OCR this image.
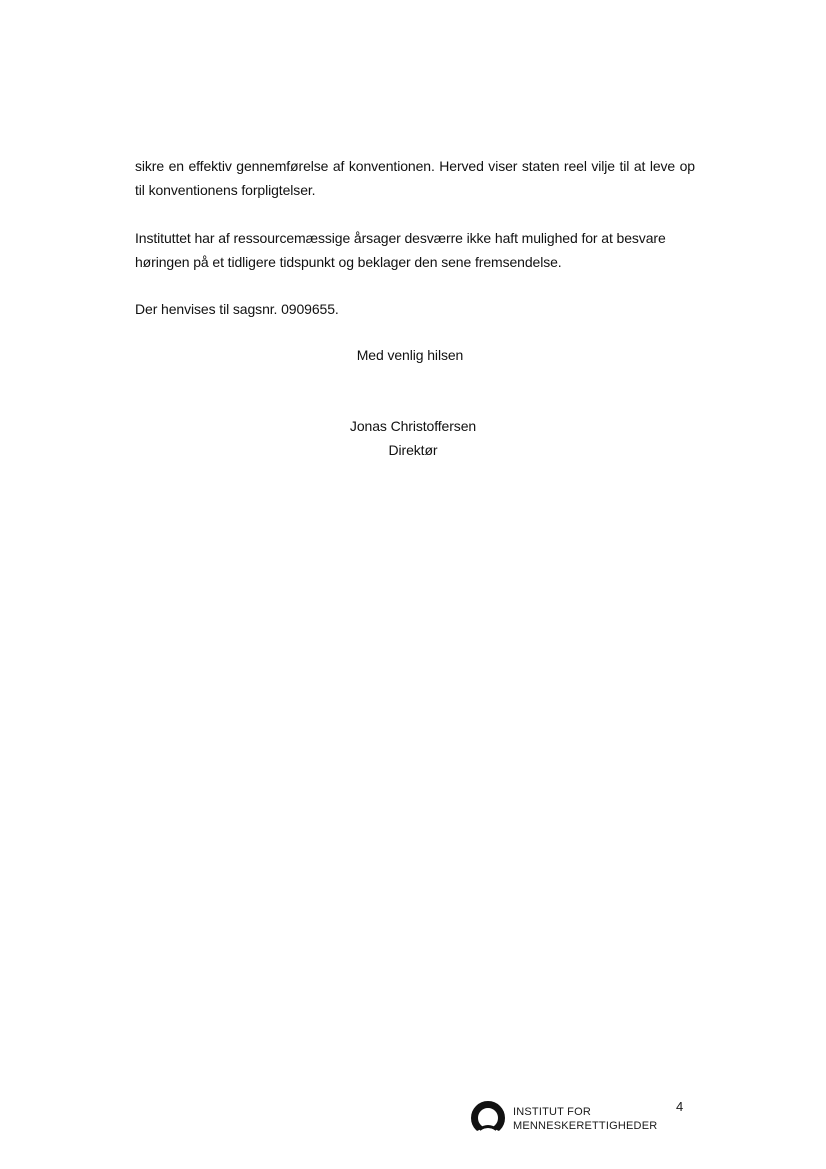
sikre en effektiv gennemførelse af konventionen. Herved viser staten reel vilje til at leve op til konventionens forpligtelser.
Instituttet har af ressourcemæssige årsager desværre ikke haft mulighed for at besvare høringen på et tidligere tidspunkt og beklager den sene fremsendelse.
Der henvises til sagsnr. 0909655.
Med venlig hilsen
Jonas Christoffersen
Direktør
INSTITUT FOR
MENNESKERETTIGHEDER
4
